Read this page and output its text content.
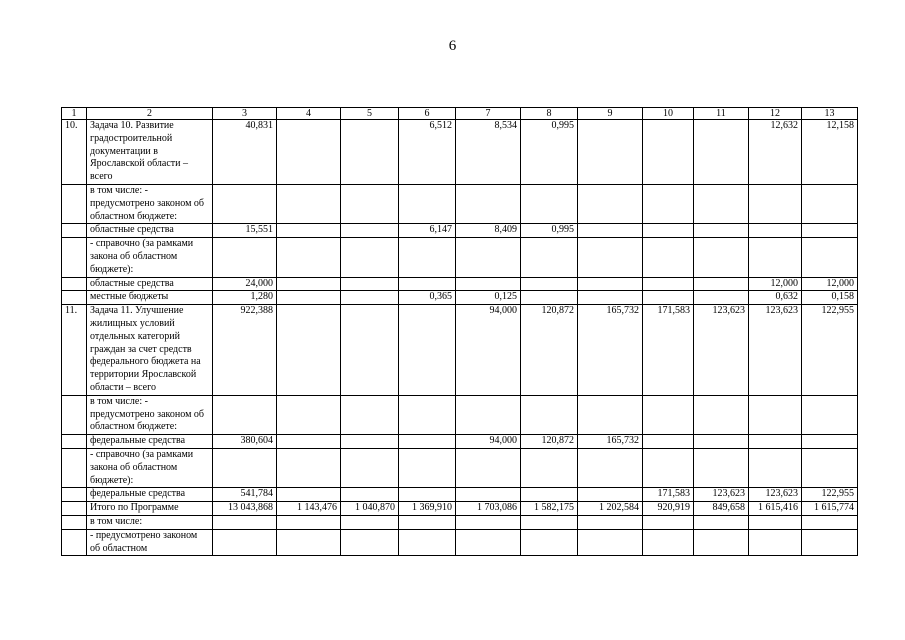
6
1	2	3	4	5	6	7	8	9	10	11	12	13
10.	Задача 10. Развитие градостроительной документации в Ярославской области – всего	40,831			6,512	8,534	0,995				12,632	12,158
	в том числе: - предусмотрено законом об областном бюджете:											
	областные средства	15,551			6,147	8,409	0,995					
	- справочно (за рамками закона об областном бюджете):											
	областные средства	24,000									12,000	12,000
	местные бюджеты	1,280			0,365	0,125					0,632	0,158
11.	Задача 11. Улучшение жилищных условий отдельных категорий граждан за счет средств федерального бюджета на территории Ярославской области – всего	922,388				94,000	120,872	165,732	171,583	123,623	123,623	122,955
	в том числе: - предусмотрено законом об областном бюджете:											
	федеральные средства	380,604				94,000	120,872	165,732				
	- справочно (за рамками закона об областном бюджете):											
	федеральные средства	541,784							171,583	123,623	123,623	122,955
	Итого по Программе	13 043,868	1 143,476	1 040,870	1 369,910	1 703,086	1 582,175	1 202,584	920,919	849,658	1 615,416	1 615,774
	в том числе:											
	- предусмотрено законом об областном											
